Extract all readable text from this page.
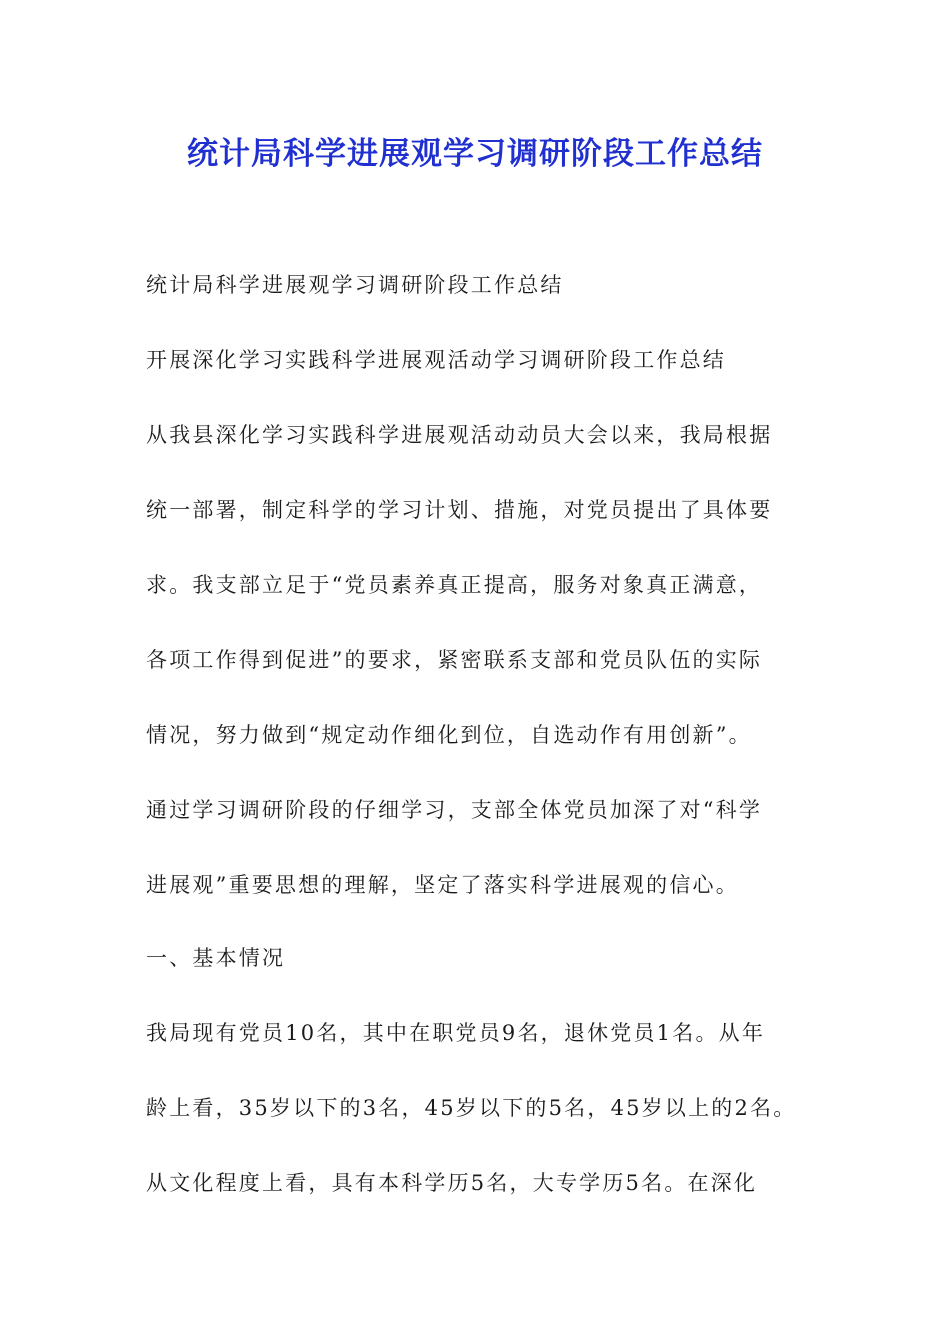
统计局科学进展观学习调研阶段工作总结

统计局科学进展观学习调研阶段工作总结

开展深化学习实践科学进展观活动学习调研阶段工作总结

从我县深化学习实践科学进展观活动动员大会以来，我局根据

统一部署，制定科学的学习计划、措施，对党员提出了具体要

求。我支部立足于“党员素养真正提高，服务对象真正满意，

各项工作得到促进”的要求，紧密联系支部和党员队伍的实际

情况，努力做到“规定动作细化到位，自选动作有用创新”。

通过学习调研阶段的仔细学习，支部全体党员加深了对“科学

进展观”重要思想的理解，坚定了落实科学进展观的信心。

一、基本情况

我局现有党员10名，其中在职党员9名，退休党员1名。从年

龄上看，35岁以下的3名，45岁以下的5名，45岁以上的2名。

从文化程度上看，具有本科学历5名，大专学历5名。在深化
